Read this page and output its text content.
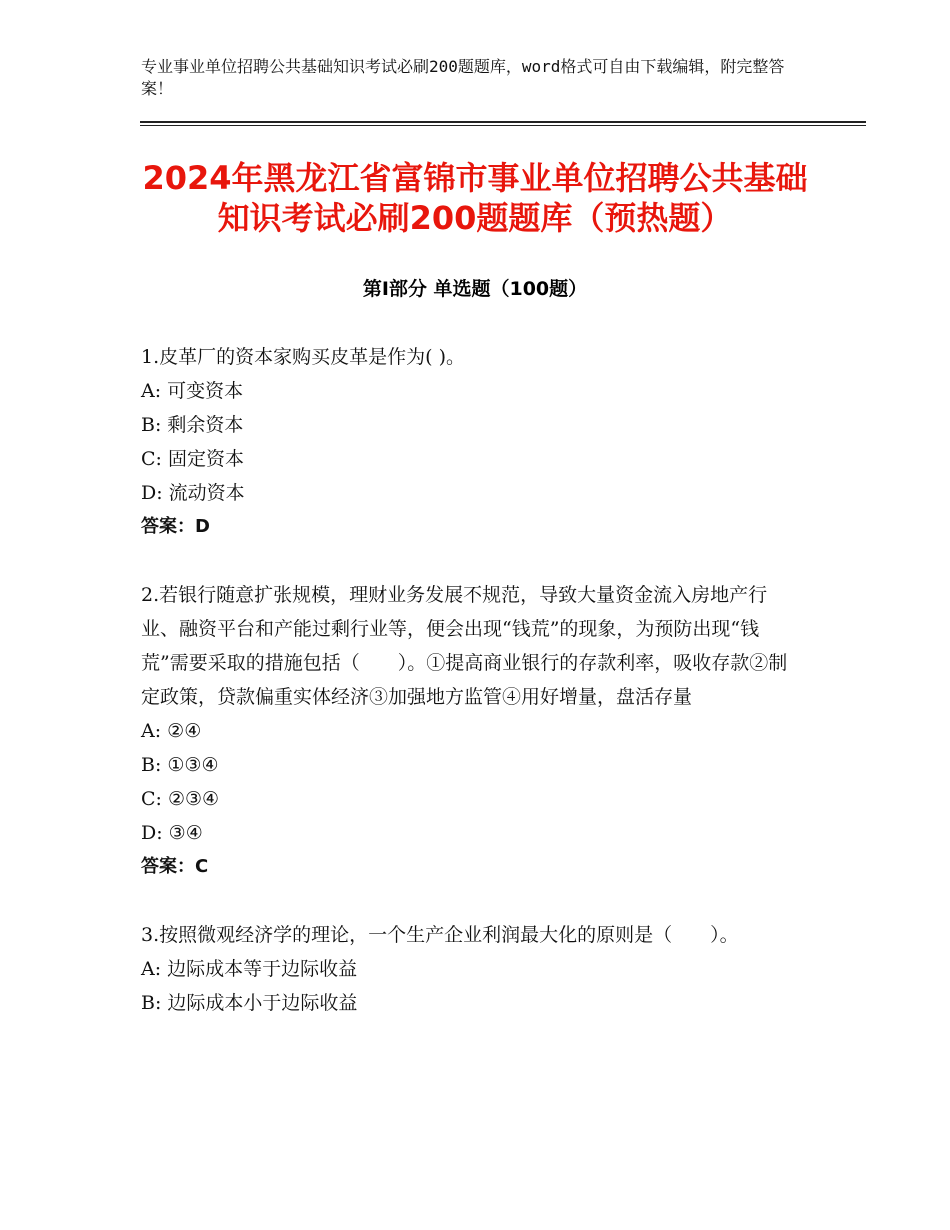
专业事业单位招聘公共基础知识考试必刷200题题库，word格式可自由下载编辑，附完整答案！
2024年黑龙江省富锦市事业单位招聘公共基础知识考试必刷200题题库（预热题）
第I部分 单选题（100题）
1.皮革厂的资本家购买皮革是作为( )。
A: 可变资本
B: 剩余资本
C: 固定资本
D: 流动资本
答案：D
2.若银行随意扩张规模，理财业务发展不规范，导致大量资金流入房地产行业、融资平台和产能过剩行业等，便会出现“钱荒”的现象，为预防出现“钱荒”需要采取的措施包括（　　）。①提高商业银行的存款利率，吸收存款②制定政策，贷款偏重实体经济③加强地方监管④用好增量，盘活存量
A: ②④
B: ①③④
C: ②③④
D: ③④
答案：C
3.按照微观经济学的理论，一个生产企业利润最大化的原则是（　　）。
A: 边际成本等于边际收益
B: 边际成本小于边际收益
